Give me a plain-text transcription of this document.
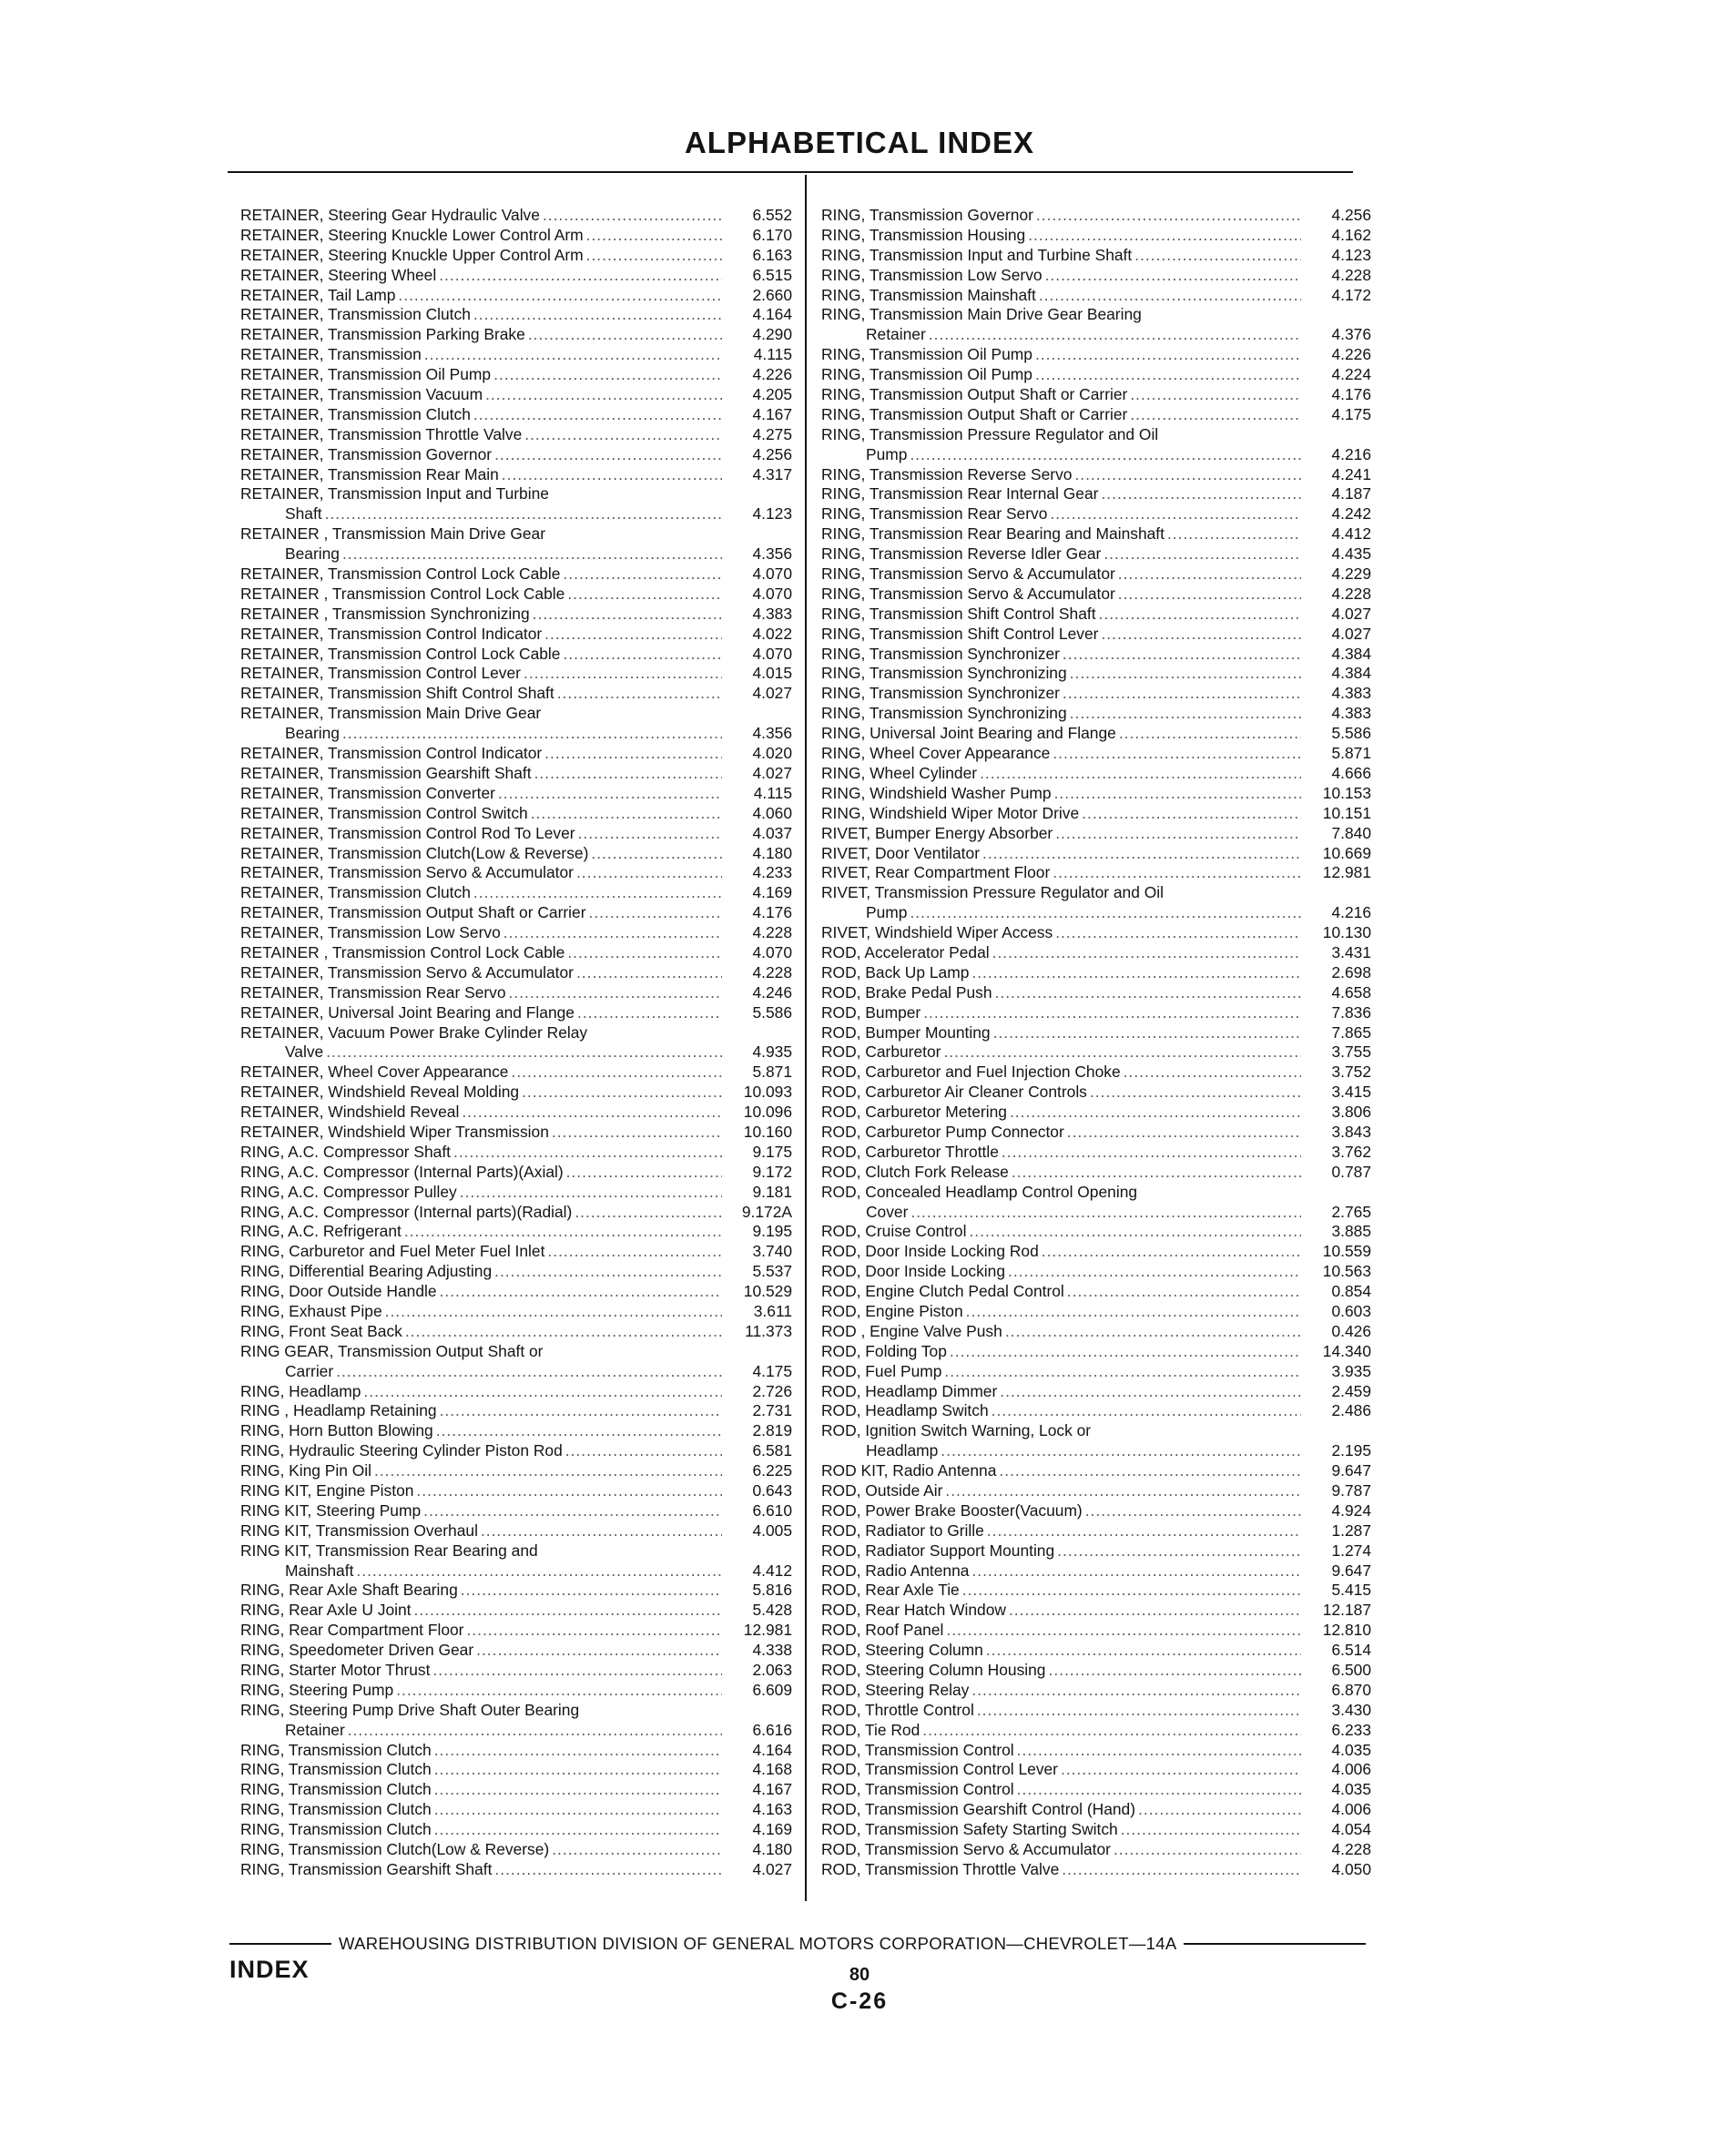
ALPHABETICAL INDEX
RETAINER, Steering Gear Hydraulic Valve .....	6.552
RETAINER, Steering Knuckle Lower Control Arm .....	6.170
RETAINER, Steering Knuckle Upper Control Arm .....	6.163
RETAINER, Steering Wheel .....	6.515
RETAINER, Tail Lamp .....	2.660
RETAINER, Transmission Clutch .....	4.164
RETAINER, Transmission Parking Brake .....	4.290
RETAINER, Transmission .....	4.115
RETAINER, Transmission Oil Pump .....	4.226
RETAINER, Transmission Vacuum .....	4.205
RETAINER, Transmission Clutch .....	4.167
RETAINER, Transmission Throttle Valve .....	4.275
RETAINER, Transmission Governor .....	4.256
RETAINER, Transmission Rear Main .....	4.317
RETAINER, Transmission Input and Turbine
Shaft .....	4.123
RETAINER , Transmission Main Drive Gear
Bearing .....	4.356
RETAINER, Transmission Control Lock Cable .....	4.070
RETAINER , Transmission Control Lock Cable .....	4.070
RETAINER , Transmission Synchronizing .....	4.383
RETAINER, Transmission Control Indicator .....	4.022
RETAINER, Transmission Control Lock Cable .....	4.070
RETAINER, Transmission Control Lever .....	4.015
RETAINER, Transmission Shift Control Shaft .....	4.027
RETAINER, Transmission Main Drive Gear
Bearing .....	4.356
RETAINER, Transmission Control Indicator .....	4.020
RETAINER, Transmission Gearshift Shaft .....	4.027
RETAINER, Transmission Converter .....	4.115
RETAINER, Transmission Control Switch .....	4.060
RETAINER, Transmission Control Rod To Lever .....	4.037
RETAINER, Transmission Clutch(Low & Reverse) .....	4.180
RETAINER, Transmission Servo & Accumulator .....	4.233
RETAINER, Transmission Clutch .....	4.169
RETAINER, Transmission Output Shaft or Carrier .....	4.176
RETAINER, Transmission Low Servo .....	4.228
RETAINER , Transmission Control Lock Cable .....	4.070
RETAINER, Transmission Servo & Accumulator .....	4.228
RETAINER, Transmission Rear Servo .....	4.246
RETAINER, Universal Joint Bearing and Flange .....	5.586
RETAINER, Vacuum Power Brake Cylinder Relay
Valve .....	4.935
RETAINER, Wheel Cover Appearance .....	5.871
RETAINER, Windshield Reveal Molding .....	10.093
RETAINER, Windshield Reveal .....	10.096
RETAINER, Windshield Wiper Transmission .....	10.160
RING, A.C. Compressor Shaft .....	9.175
RING, A.C. Compressor (Internal Parts)(Axial) .....	9.172
RING, A.C. Compressor Pulley .....	9.181
RING, A.C. Compressor (Internal parts)(Radial) .....	9.172A
RING, A.C. Refrigerant .....	9.195
RING, Carburetor and Fuel Meter Fuel Inlet .....	3.740
RING, Differential Bearing Adjusting .....	5.537
RING, Door Outside Handle .....	10.529
RING, Exhaust Pipe .....	3.611
RING, Front Seat Back .....	11.373
RING GEAR, Transmission Output Shaft or
Carrier .....	4.175
RING, Headlamp .....	2.726
RING , Headlamp Retaining .....	2.731
RING, Horn Button Blowing .....	2.819
RING, Hydraulic Steering Cylinder Piston Rod .....	6.581
RING, King Pin Oil .....	6.225
RING KIT, Engine Piston .....	0.643
RING KIT, Steering Pump .....	6.610
RING KIT, Transmission Overhaul .....	4.005
RING KIT, Transmission Rear Bearing and
Mainshaft .....	4.412
RING, Rear Axle Shaft Bearing .....	5.816
RING, Rear Axle U Joint .....	5.428
RING, Rear Compartment Floor .....	12.981
RING, Speedometer Driven Gear .....	4.338
RING, Starter Motor Thrust .....	2.063
RING, Steering Pump .....	6.609
RING, Steering Pump Drive Shaft Outer Bearing
Retainer .....	6.616
RING, Transmission Clutch .....	4.164
RING, Transmission Clutch .....	4.168
RING, Transmission Clutch .....	4.167
RING, Transmission Clutch .....	4.163
RING, Transmission Clutch .....	4.169
RING, Transmission Clutch(Low & Reverse) .....	4.180
RING, Transmission Gearshift Shaft .....	4.027
RING, Transmission Governor .....	4.256
RING, Transmission Housing .....	4.162
RING, Transmission Input and Turbine Shaft .....	4.123
RING, Transmission Low Servo .....	4.228
RING, Transmission Mainshaft .....	4.172
RING, Transmission Main Drive Gear Bearing
Retainer .....	4.376
RING, Transmission Oil Pump .....	4.226
RING, Transmission Oil Pump .....	4.224
RING, Transmission Output Shaft or Carrier .....	4.176
RING, Transmission Output Shaft or Carrier .....	4.175
RING, Transmission Pressure Regulator and Oil
Pump .....	4.216
RING, Transmission Reverse Servo .....	4.241
RING, Transmission Rear Internal Gear .....	4.187
RING, Transmission Rear Servo .....	4.242
RING, Transmission Rear Bearing and Mainshaft .....	4.412
RING, Transmission Reverse Idler Gear .....	4.435
RING, Transmission Servo & Accumulator .....	4.229
RING, Transmission Servo & Accumulator .....	4.228
RING, Transmission Shift Control Shaft .....	4.027
RING, Transmission Shift Control Lever .....	4.027
RING, Transmission Synchronizer .....	4.384
RING, Transmission Synchronizing .....	4.384
RING, Transmission Synchronizer .....	4.383
RING, Transmission Synchronizing .....	4.383
RING, Universal Joint Bearing and Flange .....	5.586
RING, Wheel Cover Appearance .....	5.871
RING, Wheel Cylinder .....	4.666
RING, Windshield Washer Pump .....	10.153
RING, Windshield Wiper Motor Drive .....	10.151
RIVET, Bumper Energy Absorber .....	7.840
RIVET, Door Ventilator .....	10.669
RIVET, Rear Compartment Floor .....	12.981
RIVET, Transmission Pressure Regulator and Oil
Pump .....	4.216
RIVET, Windshield Wiper Access .....	10.130
ROD, Accelerator Pedal .....	3.431
ROD, Back Up Lamp .....	2.698
ROD, Brake Pedal Push .....	4.658
ROD, Bumper .....	7.836
ROD, Bumper Mounting .....	7.865
ROD, Carburetor .....	3.755
ROD, Carburetor and Fuel Injection Choke .....	3.752
ROD, Carburetor Air Cleaner Controls .....	3.415
ROD, Carburetor Metering .....	3.806
ROD, Carburetor Pump Connector .....	3.843
ROD, Carburetor Throttle .....	3.762
ROD, Clutch Fork Release .....	0.787
ROD, Concealed Headlamp Control Opening
Cover .....	2.765
ROD, Cruise Control .....	3.885
ROD, Door Inside Locking Rod .....	10.559
ROD, Door Inside Locking .....	10.563
ROD, Engine Clutch Pedal Control .....	0.854
ROD, Engine Piston .....	0.603
ROD , Engine Valve Push .....	0.426
ROD, Folding Top .....	14.340
ROD, Fuel Pump .....	3.935
ROD, Headlamp Dimmer .....	2.459
ROD, Headlamp Switch .....	2.486
ROD, Ignition Switch Warning, Lock or
Headlamp .....	2.195
ROD KIT, Radio Antenna .....	9.647
ROD, Outside Air .....	9.787
ROD, Power Brake Booster(Vacuum) .....	4.924
ROD, Radiator to Grille .....	1.287
ROD, Radiator Support Mounting .....	1.274
ROD, Radio Antenna .....	9.647
ROD, Rear Axle Tie .....	5.415
ROD, Rear Hatch Window .....	12.187
ROD, Roof Panel .....	12.810
ROD, Steering Column .....	6.514
ROD, Steering Column Housing .....	6.500
ROD, Steering Relay .....	6.870
ROD, Throttle Control .....	3.430
ROD, Tie Rod .....	6.233
ROD, Transmission Control .....	4.035
ROD, Transmission Control Lever .....	4.006
ROD, Transmission Control .....	4.035
ROD, Transmission Gearshift Control (Hand) .....	4.006
ROD, Transmission Safety Starting Switch .....	4.054
ROD, Transmission Servo & Accumulator .....	4.228
ROD, Transmission Throttle Valve .....	4.050
WAREHOUSING DISTRIBUTION DIVISION OF GENERAL MOTORS CORPORATION—CHEVROLET—14A
INDEX	80
C-26
